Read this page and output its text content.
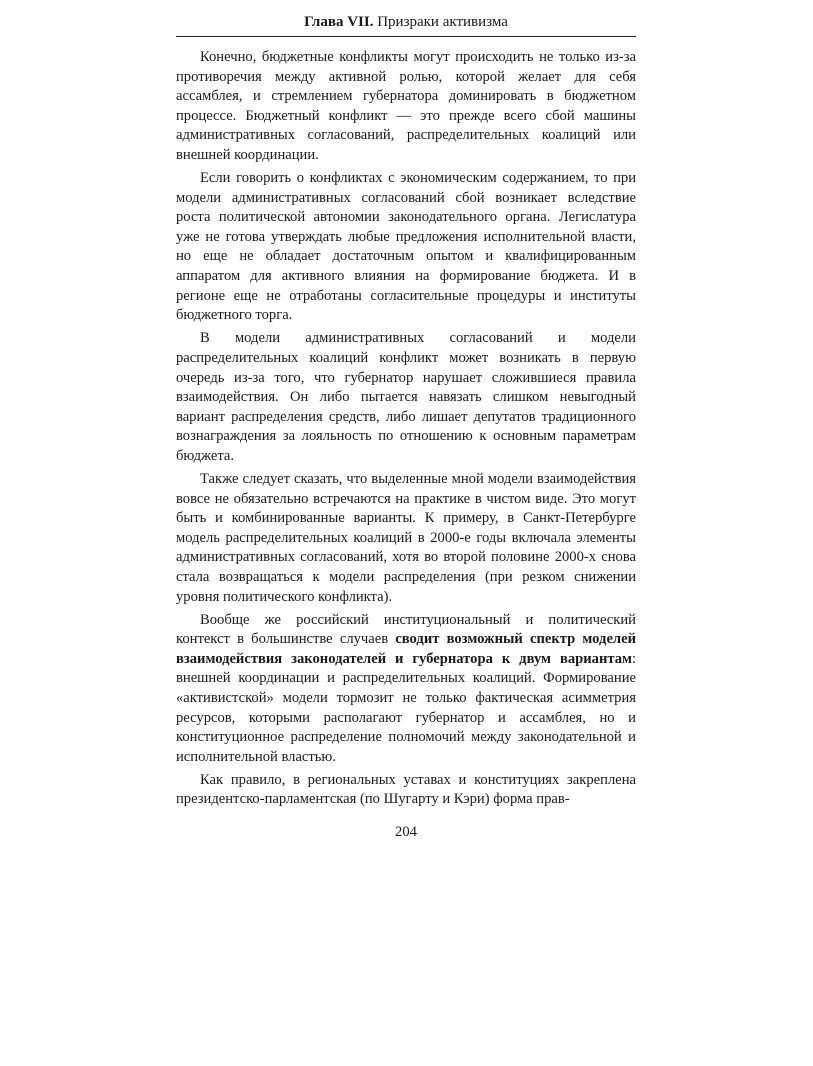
Глава VII. Призраки активизма

Конечно, бюджетные конфликты могут происходить не только из-за противоречия между активной ролью, которой желает для себя ассамблея, и стремлением губернатора доминировать в бюджетном процессе. Бюджетный конфликт — это прежде всего сбой машины административных согласований, распределительных коалиций или внешней координации.

Если говорить о конфликтах с экономическим содержанием, то при модели административных согласований сбой возникает вследствие роста политической автономии законодательного органа. Легислатура уже не готова утверждать любые предложения исполнительной власти, но еще не обладает достаточным опытом и квалифицированным аппаратом для активного влияния на формирование бюджета. И в регионе еще не отработаны согласительные процедуры и институты бюджетного торга.

В модели административных согласований и модели распределительных коалиций конфликт может возникать в первую очередь из-за того, что губернатор нарушает сложившиеся правила взаимодействия. Он либо пытается навязать слишком невыгодный вариант распределения средств, либо лишает депутатов традиционного вознаграждения за лояльность по отношению к основным параметрам бюджета.

Также следует сказать, что выделенные мной модели взаимодействия вовсе не обязательно встречаются на практике в чистом виде. Это могут быть и комбинированные варианты. К примеру, в Санкт-Петербурге модель распределительных коалиций в 2000-е годы включала элементы административных согласований, хотя во второй половине 2000-х снова стала возвращаться к модели распределения (при резком снижении уровня политического конфликта).

Вообще же российский институциональный и политический контекст в большинстве случаев сводит возможный спектр моделей взаимодействия законодателей и губернатора к двум вариантам: внешней координации и распределительных коалиций. Формирование «активистской» модели тормозит не только фактическая асимметрия ресурсов, которыми располагают губернатор и ассамблея, но и конституционное распределение полномочий между законодательной и исполнительной властью.

Как правило, в региональных уставах и конституциях закреплена президентско-парламентская (по Шугарту и Кэри) форма прав-

204
